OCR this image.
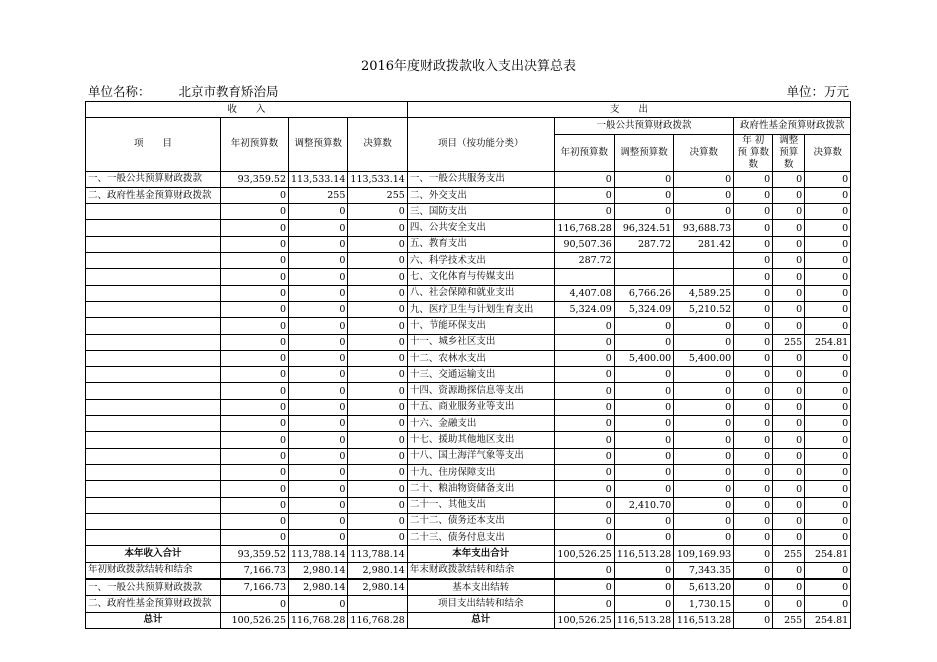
2016年度财政拨款收入支出决算总表
单位名称： 北京市教育矫治局	单位：万元
收　　入				支　　出						
项　　目	年初预算数	调整预算数	决算数	项目（按功能分类）	一般公共预算财政拨款			政府性基金预算财政拨款		
					年初预算数	调整预算数	决算数	年 初 预 算数数	调整 预算 数	决算数
一、一般公共预算财政拨款	93,359.52	113,533.14	113,533.14	一、一般公共服务支出	0	0	0	0	0	0
二、政府性基金预算财政拨款	0	255	255	二、外交支出	0	0	0	0	0	0
	0	0	0	三、国防支出	0	0	0	0	0	0
	0	0	0	四、公共安全支出	116,768.28	96,324.51	93,688.73	0	0	0
	0	0	0	五、教育支出	90,507.36	287.72	281.42	0	0	0
	0	0	0	六、科学技术支出	287.72			0	0	0
	0	0	0	七、文化体育与传媒支出				0	0	0
	0	0	0	八、社会保障和就业支出	4,407.08	6,766.26	4,589.25	0	0	0
	0	0	0	九、医疗卫生与计划生育支出	5,324.09	5,324.09	5,210.52	0	0	0
	0	0	0	十、节能环保支出	0	0	0	0	0	0
	0	0	0	十一、城乡社区支出	0	0	0	0	255	254.81
	0	0	0	十二、农林水支出	0	5,400.00	5,400.00	0	0	0
	0	0	0	十三、交通运输支出	0	0	0	0	0	0
	0	0	0	十四、资源勘探信息等支出	0	0	0	0	0	0
	0	0	0	十五、商业服务业等支出	0	0	0	0	0	0
	0	0	0	十六、金融支出	0	0	0	0	0	0
	0	0	0	十七、援助其他地区支出	0	0	0	0	0	0
	0	0	0	十八、国土海洋气象等支出	0	0	0	0	0	0
	0	0	0	十九、住房保障支出	0	0	0	0	0	0
	0	0	0	二十、粮油物资储备支出	0	0	0	0	0	0
	0	0	0	二十一、其他支出	0	2,410.70	0	0	0	0
	0	0	0	二十二、债务还本支出	0	0	0	0	0	0
	0	0	0	二十三、债务付息支出	0	0	0	0	0	0
本年收入合计	93,359.52	113,788.14	113,788.14	本年支出合计	100,526.25	116,513.28	109,169.93	0	255	254.81
年初财政拨款结转和结余	7,166.73	2,980.14	2,980.14	年末财政拨款结转和结余	0	0	7,343.35	0	0	0
一、一般公共预算财政拨款	7,166.73	2,980.14	2,980.14	基本支出结转	0	0	5,613.20	0	0	0
二、政府性基金预算财政拨款	0	0		项目支出结转和结余	0	0	1,730.15	0	0	0
总计	100,526.25	116,768.28	116,768.28	总计	100,526.25	116,513.28	116,513.28	0	255	254.81
